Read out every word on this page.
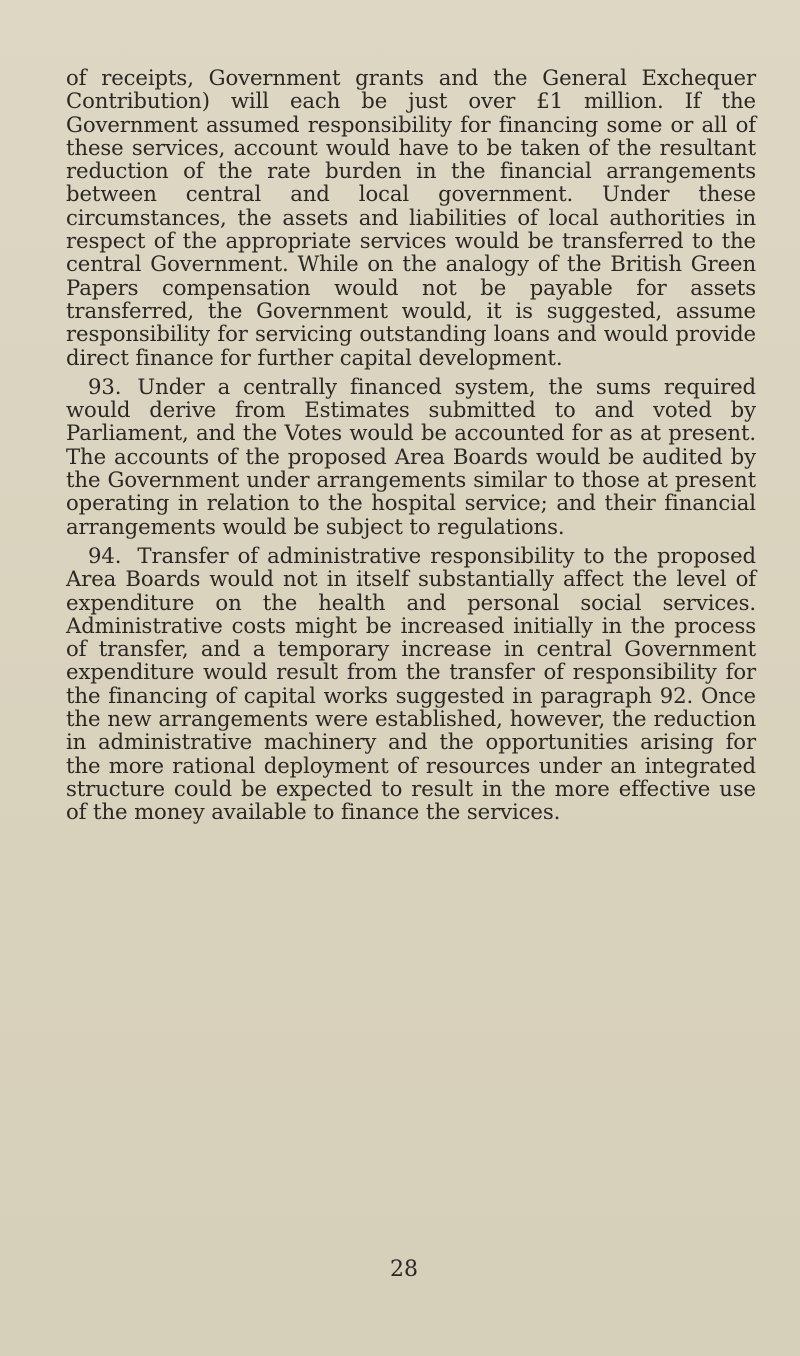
of receipts, Government grants and the General Exchequer Contribution) will each be just over £1 million. If the Government assumed responsibility for financing some or all of these services, account would have to be taken of the resultant reduction of the rate burden in the financial arrangements between central and local government. Under these circumstances, the assets and liabilities of local authorities in respect of the appropriate services would be transferred to the central Government. While on the analogy of the British Green Papers compensation would not be payable for assets transferred, the Government would, it is suggested, assume responsibility for servicing outstanding loans and would provide direct finance for further capital development.

93. Under a centrally financed system, the sums required would derive from Estimates submitted to and voted by Parliament, and the Votes would be accounted for as at present. The accounts of the proposed Area Boards would be audited by the Government under arrangements similar to those at present operating in relation to the hospital service; and their financial arrangements would be subject to regulations.

94. Transfer of administrative responsibility to the proposed Area Boards would not in itself substantially affect the level of expenditure on the health and personal social services. Administrative costs might be increased initially in the process of transfer, and a temporary increase in central Government expenditure would result from the transfer of responsibility for the financing of capital works suggested in paragraph 92. Once the new arrangements were established, however, the reduction in administrative machinery and the opportunities arising for the more rational deployment of resources under an integrated structure could be expected to result in the more effective use of the money available to finance the services.

28
